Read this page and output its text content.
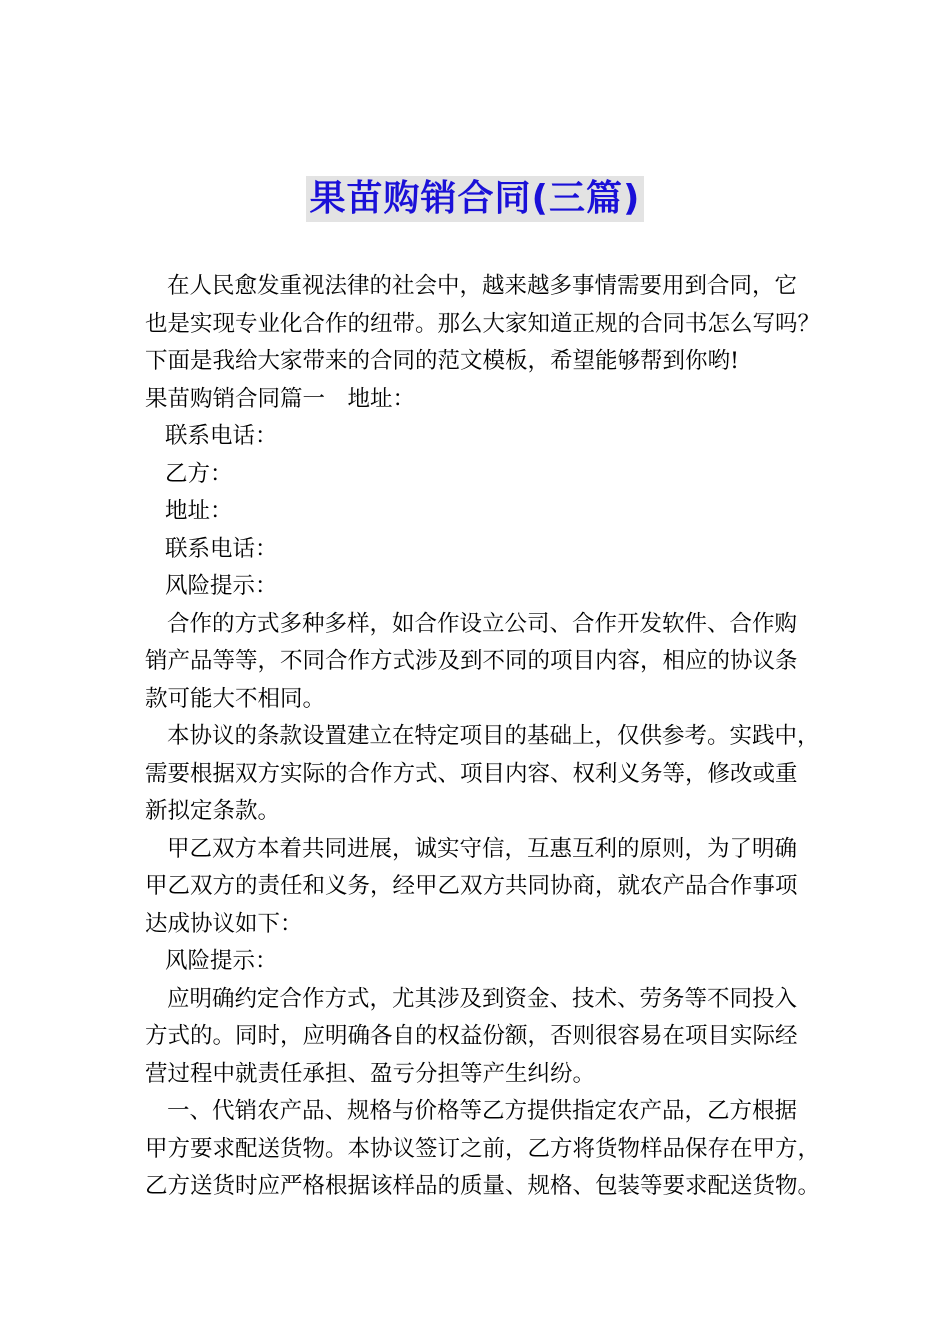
果苗购销合同(三篇)
在人民愈发重视法律的社会中，越来越多事情需要用到合同，它
也是实现专业化合作的纽带。那么大家知道正规的合同书怎么写吗？
下面是我给大家带来的合同的范文模板，希望能够帮到你哟!
果苗购销合同篇一　地址：
联系电话：
乙方：
地址：
联系电话：
风险提示：
合作的方式多种多样，如合作设立公司、合作开发软件、合作购
销产品等等，不同合作方式涉及到不同的项目内容，相应的协议条
款可能大不相同。
本协议的条款设置建立在特定项目的基础上，仅供参考。实践中，
需要根据双方实际的合作方式、项目内容、权利义务等，修改或重
新拟定条款。
甲乙双方本着共同进展，诚实守信，互惠互利的原则，为了明确
甲乙双方的责任和义务，经甲乙双方共同协商，就农产品合作事项
达成协议如下：
风险提示：
应明确约定合作方式，尤其涉及到资金、技术、劳务等不同投入
方式的。同时，应明确各自的权益份额，否则很容易在项目实际经
营过程中就责任承担、盈亏分担等产生纠纷。
一、代销农产品、规格与价格等乙方提供指定农产品，乙方根据
甲方要求配送货物。本协议签订之前，乙方将货物样品保存在甲方，
乙方送货时应严格根据该样品的质量、规格、包装等要求配送货物。
